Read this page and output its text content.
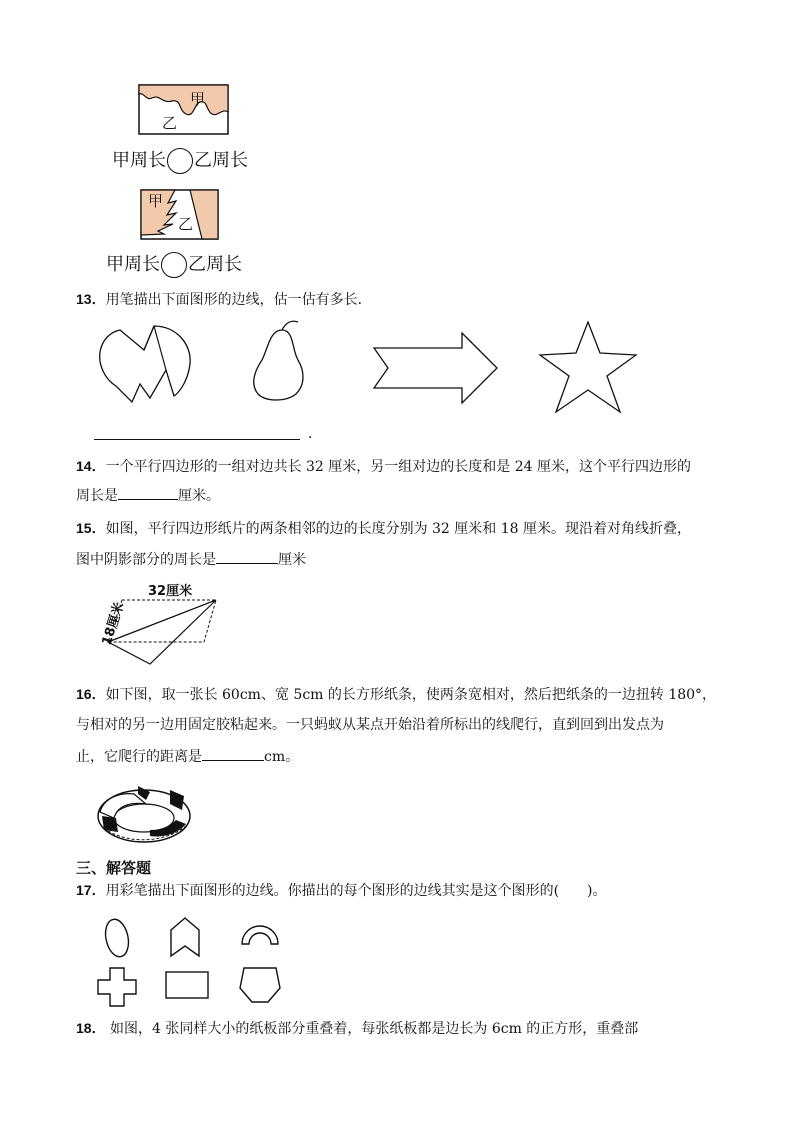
甲
乙
甲周长 乙周长
甲
乙
甲周长 乙周长
13．用笔描出下面图形的边线，估一估有多长．
．
14．一个平行四边形的一组对边共长 32 厘米，另一组对边的长度和是 24 厘米，这个平行四边形的
周长是	厘米。
15．如图，平行四边形纸片的两条相邻的边的长度分别为 32 厘米和 18 厘米。现沿着对角线折叠，
图中阴影部分的周长是	厘米
32厘米
18厘米
16．如下图，取一张长 60cm、宽 5cm 的长方形纸条，使两条宽相对，然后把纸条的一边扭转 180°，
与相对的另一边用固定胶粘起来。一只蚂蚁从某点开始沿着所标出的线爬行，直到回到出发点为
止，它爬行的距离是	cm。
三、解答题
17．用彩笔描出下面图形的边线。你描出的每个图形的边线其实是这个图形的(　　)。
18． 如图，4 张同样大小的纸板部分重叠着，每张纸板都是边长为 6cm 的正方形，重叠部
